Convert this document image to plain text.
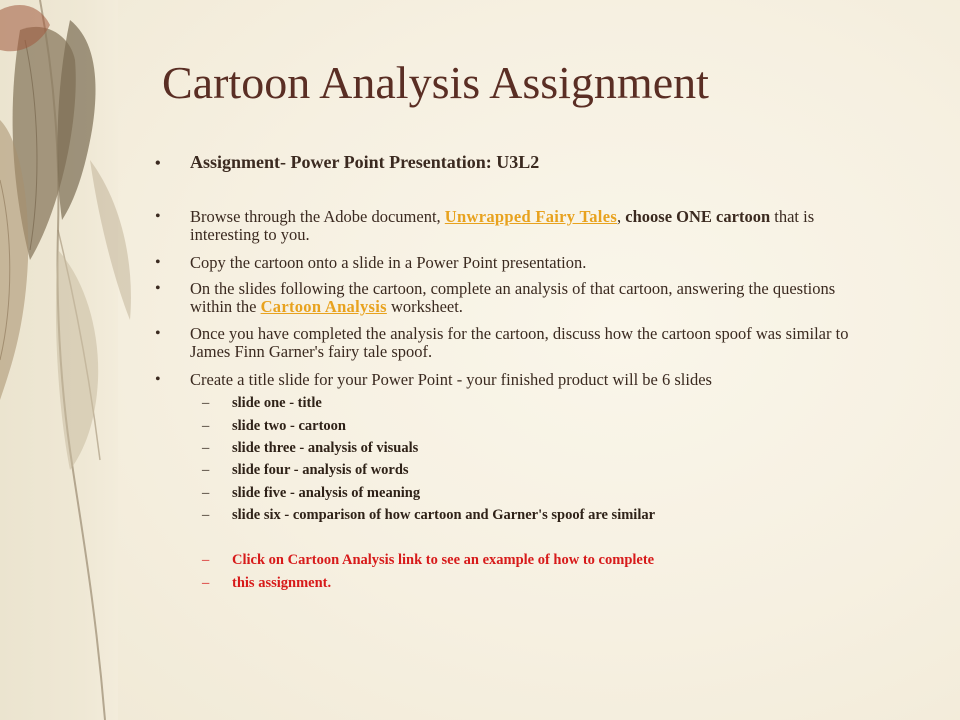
Cartoon Analysis Assignment
• Assignment- Power Point Presentation: U3L2
• Browse through the Adobe document, Unwrapped Fairy Tales, choose ONE cartoon that is interesting to you.
• Copy the cartoon onto a slide in a Power Point presentation.
• On the slides following the cartoon, complete an analysis of that cartoon, answering the questions within the Cartoon Analysis worksheet.
• Once you have completed the analysis for the cartoon, discuss how the cartoon spoof was similar to James Finn Garner's fairy tale spoof.
• Create a title slide for your Power Point - your finished product will be 6 slides
– slide one - title
– slide two - cartoon
– slide three - analysis of visuals
– slide four - analysis of words
– slide five - analysis of meaning
– slide six - comparison of how cartoon and Garner's spoof are similar
– Click on Cartoon Analysis link to see an example of how to complete
– this assignment.
